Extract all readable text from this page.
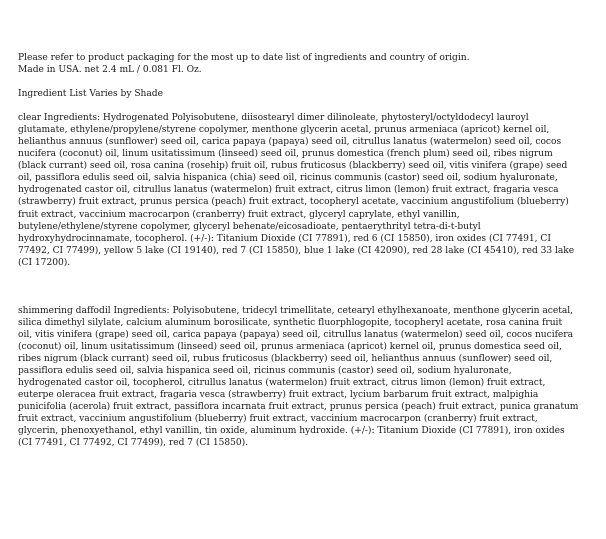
Please refer to product packaging for the most up to date list of ingredients and country of origin.

Made in USA. net 2.4 mL / 0.081 Fl. Oz.

Ingredient List Varies by Shade

clear Ingredients: Hydrogenated Polyisobutene, diisostearyl dimer dilinoleate, phytosteryl/octyldodecyl lauroyl
glutamate, ethylene/propylene/styrene copolymer, menthone glycerin acetal, prunus armeniaca (apricot) kernel oil,
helianthus annuus (sunflower) seed oil, carica papaya (papaya) seed oil, citrullus lanatus (watermelon) seed oil, cocos
nucifera (coconut) oil, linum usitatissimum (linseed) seed oil, prunus domestica (french plum) seed oil, ribes nigrum
(black currant) seed oil, rosa canina (rosehip) fruit oil, rubus fruticosus (blackberry) seed oil, vitis vinifera (grape) seed
oil, passiflora edulis seed oil, salvia hispanica (chia) seed oil, ricinus communis (castor) seed oil, sodium hyaluronate,
hydrogenated castor oil, citrullus lanatus (watermelon) fruit extract, citrus limon (lemon) fruit extract, fragaria vesca
(strawberry) fruit extract, prunus persica (peach) fruit extract, tocopheryl acetate, vaccinium angustifolium (blueberry)
fruit extract, vaccinium macrocarpon (cranberry) fruit extract, glyceryl caprylate, ethyl vanillin,
butylene/ethylene/styrene copolymer, glyceryl behenate/eicosadioate, pentaerythrityl tetra-di-t-butyl
hydroxyhydrocinnamate, tocopherol. (+/-): Titanium Dioxide (CI 77891), red 6 (CI 15850), iron oxides (CI 77491, CI
77492, CI 77499), yellow 5 lake (CI 19140), red 7 (CI 15850), blue 1 lake (CI 42090), red 28 lake (CI 45410), red 33 lake
(CI 17200).

shimmering daffodil Ingredients: Polyisobutene, tridecyl trimellitate, cetearyl ethylhexanoate, menthone glycerin acetal,
silica dimethyl silylate, calcium aluminum borosilicate, synthetic fluorphlogopite, tocopheryl acetate, rosa canina fruit
oil, vitis vinifera (grape) seed oil, carica papaya (papaya) seed oil, citrullus lanatus (watermelon) seed oil, cocos nucifera
(coconut) oil, linum usitatissimum (linseed) seed oil, prunus armeniaca (apricot) kernel oil, prunus domestica seed oil,
ribes nigrum (black currant) seed oil, rubus fruticosus (blackberry) seed oil, helianthus annuus (sunflower) seed oil,
passiflora edulis seed oil, salvia hispanica seed oil, ricinus communis (castor) seed oil, sodium hyaluronate,
hydrogenated castor oil, tocopherol, citrullus lanatus (watermelon) fruit extract, citrus limon (lemon) fruit extract,
euterpe oleracea fruit extract, fragaria vesca (strawberry) fruit extract, lycium barbarum fruit extract, malpighia
punicifolia (acerola) fruit extract, passiflora incarnata fruit extract, prunus persica (peach) fruit extract, punica granatum
fruit extract, vaccinium angustifolium (blueberry) fruit extract, vaccinium macrocarpon (cranberry) fruit extract,
glycerin, phenoxyethanol, ethyl vanillin, tin oxide, aluminum hydroxide. (+/-): Titanium Dioxide (CI 77891), iron oxides
(CI 77491, CI 77492, CI 77499), red 7 (CI 15850).
